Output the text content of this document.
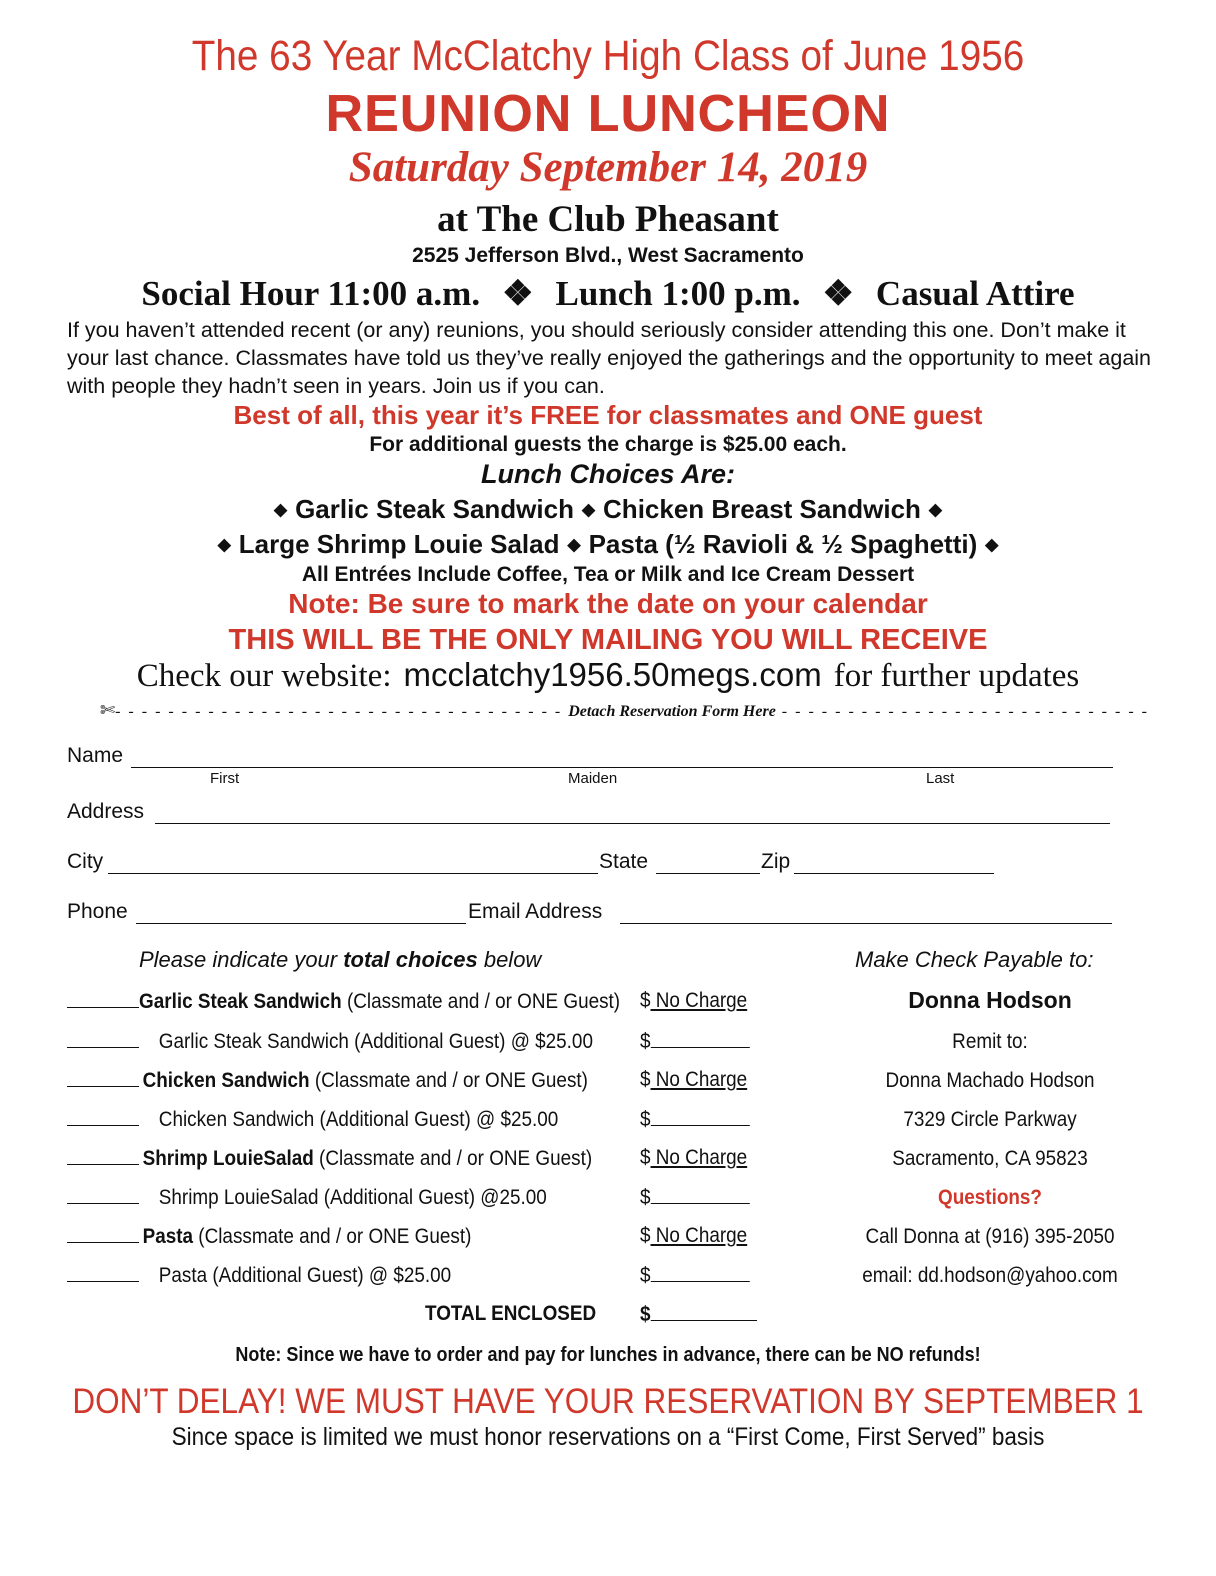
The 63 Year McClatchy High Class of June 1956
REUNION LUNCHEON
Saturday September 14, 2019
at The Club Pheasant
2525 Jefferson Blvd., West Sacramento
Social Hour 11:00 a.m. ❖ Lunch 1:00 p.m. ❖ Casual Attire
If you haven’t attended recent (or any) reunions, you should seriously consider attending this one. Don’t make it your last chance. Classmates have told us they’ve really enjoyed the gatherings and the opportunity to meet again with people they hadn’t seen in years. Join us if you can.
Best of all, this year it’s FREE for classmates and ONE guest
For additional guests the charge is $25.00 each.
Lunch Choices Are:
◆ Garlic Steak Sandwich ◆ Chicken Breast Sandwich ◆
◆ Large Shrimp Louie Salad ◆ Pasta (½ Ravioli & ½ Spaghetti) ◆
All Entrées Include Coffee, Tea or Milk and Ice Cream Dessert
Note: Be sure to mark the date on your calendar
THIS WILL BE THE ONLY MAILING YOU WILL RECEIVE
Check our website: mcclatchy1956.50megs.com for further updates
✄- - - - - - - - - - - - - - - - - - - - - - - - - - - - - - - - - - Detach Reservation Form Here - - - - - - - - - - - - - - - - - - - - - - - - - - - -
Name
First	Maiden	Last
Address
City	State	Zip
Phone	Email Address
Please indicate your total choices below	Make Check Payable to:
Garlic Steak Sandwich (Classmate and / or ONE Guest) $ No Charge
Garlic Steak Sandwich (Additional Guest) @ $25.00 $
Chicken Sandwich (Classmate and / or ONE Guest) $ No Charge
Chicken Sandwich (Additional Guest) @ $25.00	$
Shrimp LouieSalad (Classmate and / or ONE Guest) $ No Charge
Shrimp LouieSalad (Additional Guest) @25.00	$
Pasta (Classmate and / or ONE Guest)	$ No Charge
Pasta (Additional Guest) @ $25.00	$
TOTAL ENCLOSED $
Donna Hodson
Remit to:
Donna Machado Hodson
7329 Circle Parkway
Sacramento, CA 95823
Questions?
Call Donna at (916) 395-2050
email: dd.hodson@yahoo.com
Note: Since we have to order and pay for lunches in advance, there can be NO refunds!
DON’T DELAY! WE MUST HAVE YOUR RESERVATION BY SEPTEMBER 1
Since space is limited we must honor reservations on a “First Come, First Served” basis
